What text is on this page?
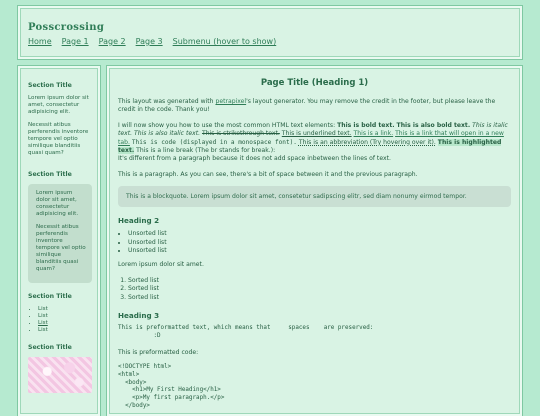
Posscrossing
Home Page 1 Page 2 Page 3 Submenu (hover to show)
Section Title

Lorem ipsum dolor sit amet, consectetur adipisicing elit.

Necessit atibus perferendis inventore tempore vel optio similique blanditiis quasi quam?

Section Title

Lorem ipsum dolor sit amet, consectetur adipisicing elit.

Necessit atibus perferendis inventore tempore vel optio similique blanditiis quasi quam?

Section Title
• List
• List
• List
• List
Section Title
Page Title (Heading 1)

This layout was generated with petrapixel's layout generator. You may remove the credit in the footer, but please leave the credit in the code. Thank you!

I will now show you how to use the most common HTML text elements: This is bold text. This is also bold text. This is italic text. This is also italic text. This is strikethrough text. This is underlined text. This is a link. This is a link that will open in a new tab. This is code (displayed in a monospace font). This is an abbreviation (Try hovering over it). This is highlighted text. This is a line break (The br stands for break.):
It's different from a paragraph because it does not add space inbetween the lines of text.

This is a paragraph. As you can see, there's a bit of space between it and the previous paragraph.

This is a blockquote. Lorem ipsum dolor sit amet, consetetur sadipscing elitr, sed diam nonumy eirmod tempor.
Heading 2
• Unsorted list
• Unsorted list
• Unsorted list

Lorem ipsum dolor sit amet.

1. Sorted list
2. Sorted list
3. Sorted list
Heading 3
This is preformatted text, which means that     spaces    are preserved:
:D

This is preformatted code:

<!DOCTYPE html>
<html>
<body>
<h1>My First Heading</h1>
<p>My first paragraph.</p>
</body>
